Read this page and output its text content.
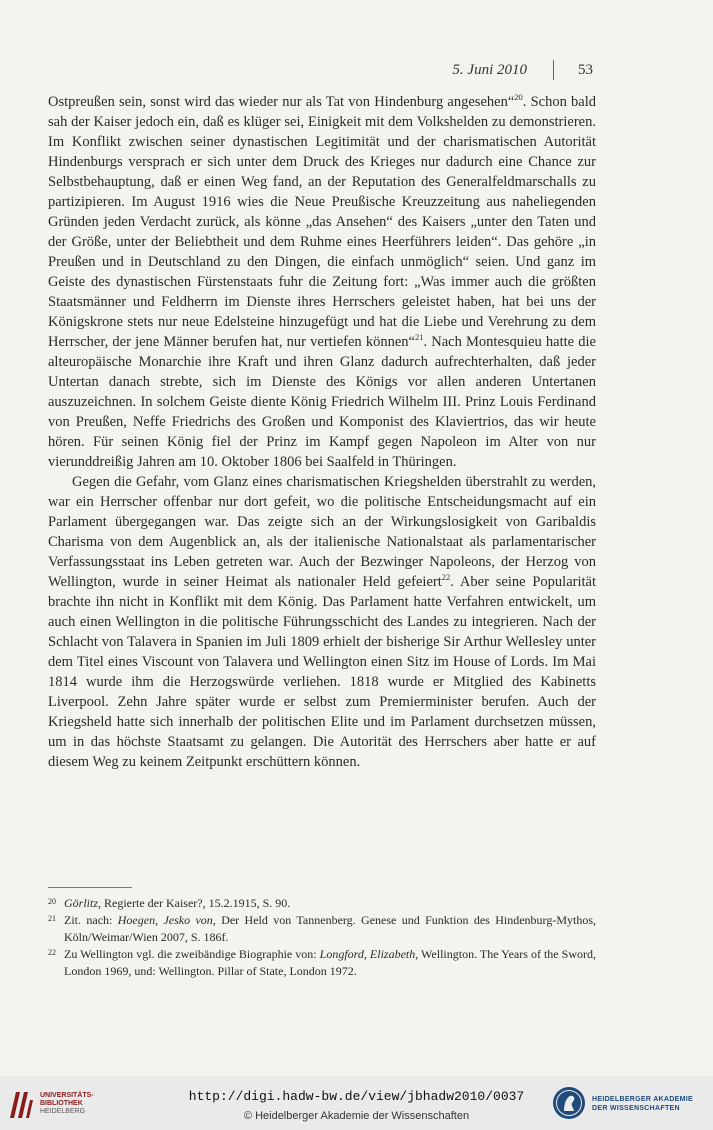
5. Juni 2010	53

Ostpreußen sein, sonst wird das wieder nur als Tat von Hindenburg angesehen“$^{20}$. Schon bald sah der Kaiser jedoch ein, daß es klüger sei, Einigkeit mit dem Volkshelden zu demonstrieren. Im Konflikt zwischen seiner dynastischen Legitimität und der charismatischen Autorität Hindenburgs versprach er sich unter dem Druck des Krieges nur dadurch eine Chance zur Selbstbehauptung, daß er einen Weg fand, an der Reputation des Generalfeldmarschalls zu partizipieren. Im August 1916 wies die Neue Preußische Kreuzzeitung aus naheliegenden Gründen jeden Verdacht zurück, als könne „das Ansehen“ des Kaisers „unter den Taten und der Größe, unter der Beliebtheit und dem Ruhme eines Heerführers leiden“. Das gehöre „in Preußen und in Deutschland zu den Dingen, die einfach unmöglich“ seien. Und ganz im Geiste des dynastischen Fürstenstaats fuhr die Zeitung fort: „Was immer auch die größten Staatsmänner und Feldherrn im Dienste ihres Herrschers geleistet haben, hat bei uns der Königskrone stets nur neue Edelsteine hinzugefügt und hat die Liebe und Verehrung zu dem Herrscher, der jene Männer berufen hat, nur vertiefen können“$^{21}$. Nach Montesquieu hatte die alteuropäische Monarchie ihre Kraft und ihren Glanz dadurch aufrechterhalten, daß jeder Untertan danach strebte, sich im Dienste des Königs vor allen anderen Untertanen auszuzeichnen. In solchem Geiste diente König Friedrich Wilhelm III. Prinz Louis Ferdinand von Preußen, Neffe Friedrichs des Großen und Komponist des Klaviertrios, das wir heute hören. Für seinen König fiel der Prinz im Kampf gegen Napoleon im Alter von nur vierunddreißig Jahren am 10. Oktober 1806 bei Saalfeld in Thüringen.

Gegen die Gefahr, vom Glanz eines charismatischen Kriegshelden überstrahlt zu werden, war ein Herrscher offenbar nur dort gefeit, wo die politische Entscheidungsmacht auf ein Parlament übergegangen war. Das zeigte sich an der Wirkungslosigkeit von Garibaldis Charisma von dem Augenblick an, als der italienische Nationalstaat als parlamentarischer Verfassungsstaat ins Leben getreten war. Auch der Bezwinger Napoleons, der Herzog von Wellington, wurde in seiner Heimat als nationaler Held gefeiert$^{22}$. Aber seine Popularität brachte ihn nicht in Konflikt mit dem König. Das Parlament hatte Verfahren entwickelt, um auch einen Wellington in die politische Führungsschicht des Landes zu integrieren. Nach der Schlacht von Talavera in Spanien im Juli 1809 erhielt der bisherige Sir Arthur Wellesley unter dem Titel eines Viscount von Talavera und Wellington einen Sitz im House of Lords. Im Mai 1814 wurde ihm die Herzogswürde verliehen. 1818 wurde er Mitglied des Kabinetts Liverpool. Zehn Jahre später wurde er selbst zum Premierminister berufen. Auch der Kriegsheld hatte sich innerhalb der politischen Elite und im Parlament durchsetzen müssen, um in das höchste Staatsamt zu gelangen. Die Autorität des Herrschers aber hatte er auf diesem Weg zu keinem Zeitpunkt erschüttern können.

20 Görlitz, Regierte der Kaiser?, 15.2.1915, S. 90.

21 Zit. nach: Hoegen, Jesko von, Der Held von Tannenberg. Genese und Funktion des Hindenburg-Mythos, Köln/Weimar/Wien 2007, S. 186f.

22 Zu Wellington vgl. die zweibändige Biographie von: Longford, Elizabeth, Wellington. The Years of the Sword, London 1969, und: Wellington. Pillar of State, London 1972.

UNIVERSITÄTS-
BIBLIOTHEK
HEIDELBERG
http://digi.hadw-bw.de/view/jbhadw2010/0037
© Heidelberger Akademie der Wissenschaften
HEIDELBERGER AKADEMIE
DER WISSENSCHAFTEN
